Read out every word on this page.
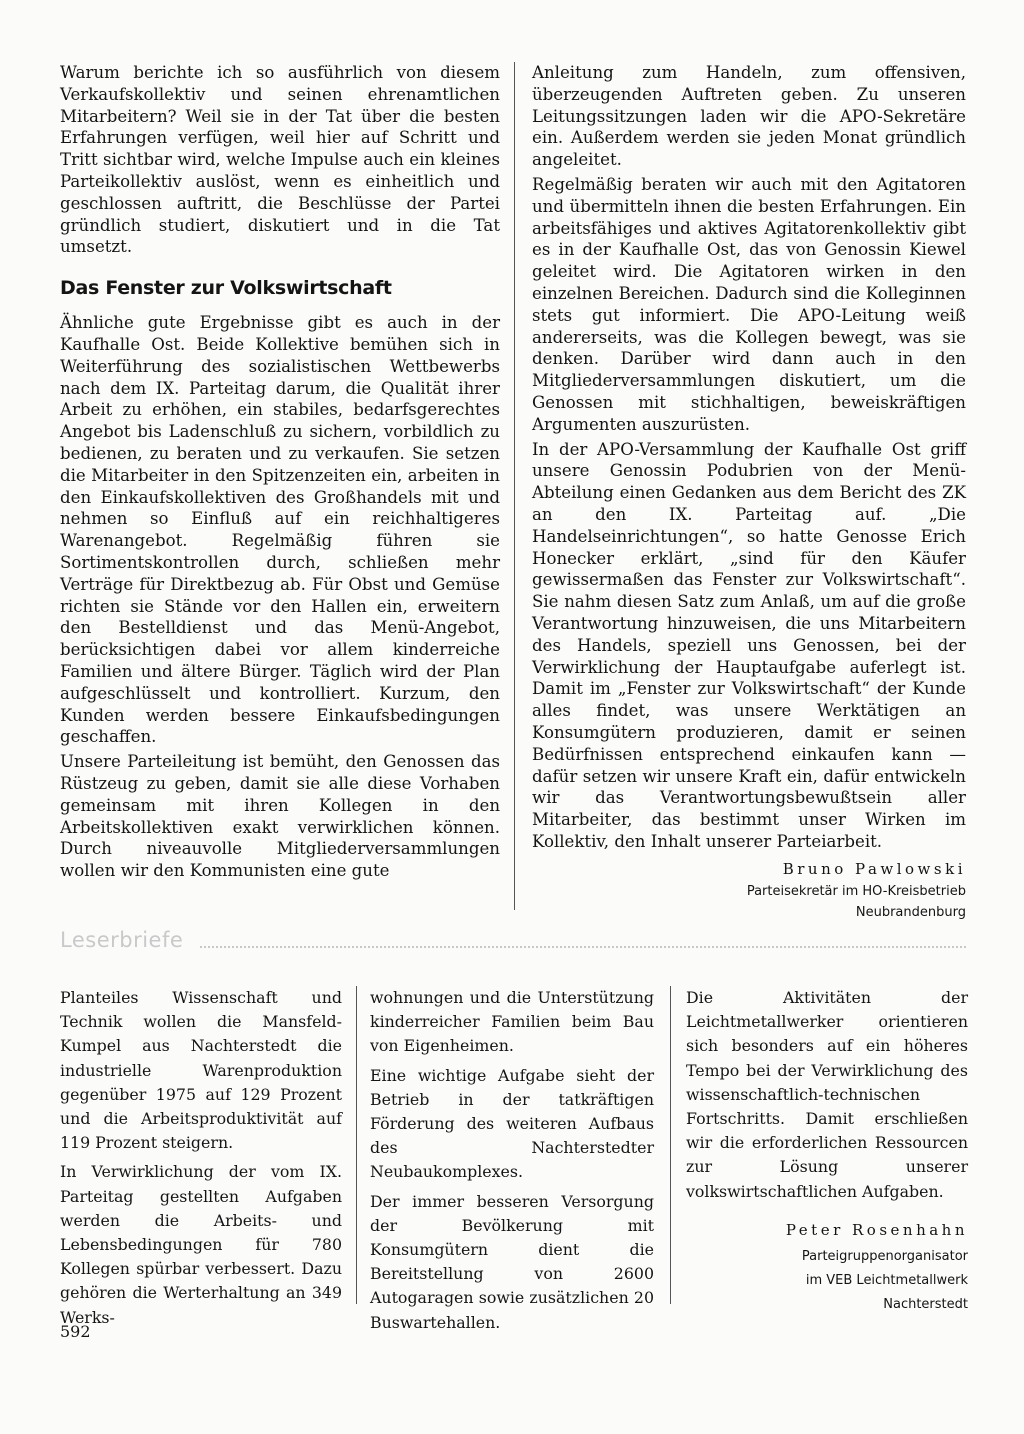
Warum berichte ich so ausführlich von diesem Verkaufskollektiv und seinen ehrenamtlichen Mitarbeitern? Weil sie in der Tat über die besten Erfahrungen verfügen, weil hier auf Schritt und Tritt sichtbar wird, welche Impulse auch ein kleines Parteikollektiv auslöst, wenn es einheitlich und geschlossen auftritt, die Beschlüsse der Partei gründlich studiert, diskutiert und in die Tat umsetzt.

Das Fenster zur Volkswirtschaft

Ähnliche gute Ergebnisse gibt es auch in der Kaufhalle Ost. Beide Kollektive bemühen sich in Weiterführung des sozialistischen Wettbewerbs nach dem IX. Parteitag darum, die Qualität ihrer Arbeit zu erhöhen, ein stabiles, bedarfsgerechtes Angebot bis Ladenschluß zu sichern, vorbildlich zu bedienen, zu beraten und zu verkaufen. Sie setzen die Mitarbeiter in den Spitzenzeiten ein, arbeiten in den Einkaufskollektiven des Großhandels mit und nehmen so Einfluß auf ein reichhaltigeres Warenangebot. Regelmäßig führen sie Sortimentskontrollen durch, schließen mehr Verträge für Direktbezug ab. Für Obst und Gemüse richten sie Stände vor den Hallen ein, erweitern den Bestelldienst und das Menü-Angebot, berücksichtigen dabei vor allem kinderreiche Familien und ältere Bürger. Täglich wird der Plan aufgeschlüsselt und kontrolliert. Kurzum, den Kunden werden bessere Einkaufsbedingungen geschaffen.

Unsere Parteileitung ist bemüht, den Genossen das Rüstzeug zu geben, damit sie alle diese Vorhaben gemeinsam mit ihren Kollegen in den Arbeitskollektiven exakt verwirklichen können. Durch niveauvolle Mitgliederversammlungen wollen wir den Kommunisten eine gute

Anleitung zum Handeln, zum offensiven, überzeugenden Auftreten geben. Zu unseren Leitungssitzungen laden wir die APO-Sekretäre ein. Außerdem werden sie jeden Monat gründlich angeleitet.

Regelmäßig beraten wir auch mit den Agitatoren und übermitteln ihnen die besten Erfahrungen. Ein arbeitsfähiges und aktives Agitatorenkollektiv gibt es in der Kaufhalle Ost, das von Genossin Kiewel geleitet wird. Die Agitatoren wirken in den einzelnen Bereichen. Dadurch sind die Kolleginnen stets gut informiert. Die APO-Leitung weiß andererseits, was die Kollegen bewegt, was sie denken. Darüber wird dann auch in den Mitgliederversammlungen diskutiert, um die Genossen mit stichhaltigen, beweiskräftigen Argumenten auszurüsten.

In der APO-Versammlung der Kaufhalle Ost griff unsere Genossin Podubrien von der Menü-Abteilung einen Gedanken aus dem Bericht des ZK an den IX. Parteitag auf. „Die Handelseinrichtungen“, so hatte Genosse Erich Honecker erklärt, „sind für den Käufer gewissermaßen das Fenster zur Volkswirtschaft“. Sie nahm diesen Satz zum Anlaß, um auf die große Verantwortung hinzuweisen, die uns Mitarbeitern des Handels, speziell uns Genossen, bei der Verwirklichung der Hauptaufgabe auferlegt ist. Damit im „Fenster zur Volkswirtschaft“ der Kunde alles findet, was unsere Werktätigen an Konsumgütern produzieren, damit er seinen Bedürfnissen entsprechend einkaufen kann — dafür setzen wir unsere Kraft ein, dafür entwickeln wir das Verantwortungsbewußtsein aller Mitarbeiter, das bestimmt unser Wirken im Kollektiv, den Inhalt unserer Parteiarbeit.

Bruno Pawlowski

Parteisekretär im HO-Kreisbetrieb

Neubrandenburg

Leserbriefe

Planteiles Wissenschaft und Technik wollen die Mansfeld-Kumpel aus Nachterstedt die industrielle Warenproduktion gegenüber 1975 auf 129 Prozent und die Arbeitsproduktivität auf 119 Prozent steigern.

In Verwirklichung der vom IX. Parteitag gestellten Aufgaben werden die Arbeits- und Lebensbedingungen für 780 Kollegen spürbar verbessert. Dazu gehören die Werterhaltung an 349 Werks-

wohnungen und die Unterstützung kinderreicher Familien beim Bau von Eigenheimen.

Eine wichtige Aufgabe sieht der Betrieb in der tatkräftigen Förderung des weiteren Aufbaus des Nachterstedter Neubaukomplexes.

Der immer besseren Versorgung der Bevölkerung mit Konsumgütern dient die Bereitstellung von 2600 Autogaragen sowie zusätzlichen 20 Buswartehallen.

Die Aktivitäten der Leichtmetallwerker orientieren sich besonders auf ein höheres Tempo bei der Verwirklichung des wissenschaftlich-technischen Fortschritts. Damit erschließen wir die erforderlichen Ressourcen zur Lösung unserer volkswirtschaftlichen Aufgaben.

Peter Rosenhahn

Parteigruppenorganisator

im VEB Leichtmetallwerk

Nachterstedt

592
